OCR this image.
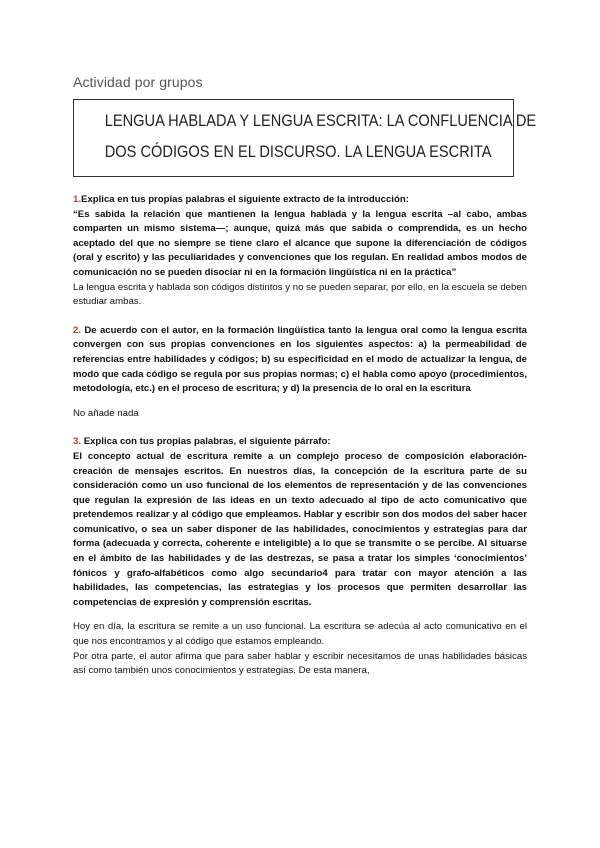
Actividad por grupos
LENGUA HABLADA Y LENGUA ESCRITA: LA CONFLUENCIA DE
DOS CÓDIGOS EN EL DISCURSO. LA LENGUA ESCRITA

1.Explica en tus propias palabras el siguiente extracto de la introducción:

“Es sabida la relación que mantienen la lengua hablada y la lengua escrita –al cabo, ambas comparten un mismo sistema—; aunque, quizá más que sabida o comprendida, es un hecho aceptado del que no siempre se tiene claro el alcance que supone la diferenciación de códigos (oral y escrito) y las peculiaridades y convenciones que los regulan. En realidad ambos modos de comunicación no se pueden disociar ni en la formación lingüística ni en la práctica”

La lengua escrita y hablada son códigos distintos y no se pueden separar, por ello, en la escuela se deben estudiar ambas.

2. De acuerdo con el autor, en la formación lingüística tanto la lengua oral como la lengua escrita convergen con sus propias convenciones en los siguientes aspectos: a) la permeabilidad de referencias entre habilidades y códigos; b) su especificidad en el modo de actualizar la lengua, de modo que cada código se regula por sus propias normas; c) el habla como apoyo (procedimientos, metodología, etc.) en el proceso de escritura; y d) la presencia de lo oral en la escritura

No añade nada

3. Explica con tus propias palabras, el siguiente párrafo:

El concepto actual de escritura remite a un complejo proceso de composición elaboración-creación de mensajes escritos. En nuestros días, la concepción de la escritura parte de su consideración como un uso funcional de los elementos de representación y de las convenciones que regulan la expresión de las ideas en un texto adecuado al tipo de acto comunicativo que pretendemos realizar y al código que empleamos. Hablar y escribir son dos modos del saber hacer comunicativo, o sea un saber disponer de las habilidades, conocimientos y estrategias para dar forma (adecuada y correcta, coherente e inteligible) a lo que se transmite o se percibe. Al situarse en el ámbito de las habilidades y de las destrezas, se pasa a tratar los simples ‘conocimientos’ fónicos y grafo-alfabéticos como algo secundario4 para tratar con mayor atención a las habilidades, las competencias, las estrategias y los procesos que permiten desarrollar las competencias de expresión y comprensión escritas.

Hoy en día, la escritura se remite a un uso funcional. La escritura se adecúa al acto comunicativo en el que nos encontramos y al código que estamos empleando.

Por otra parte, el autor afirma que para saber hablar y escribir necesitamos de unas habilidades básicas así como también unos conocimientos y estrategias. De esta manera,
